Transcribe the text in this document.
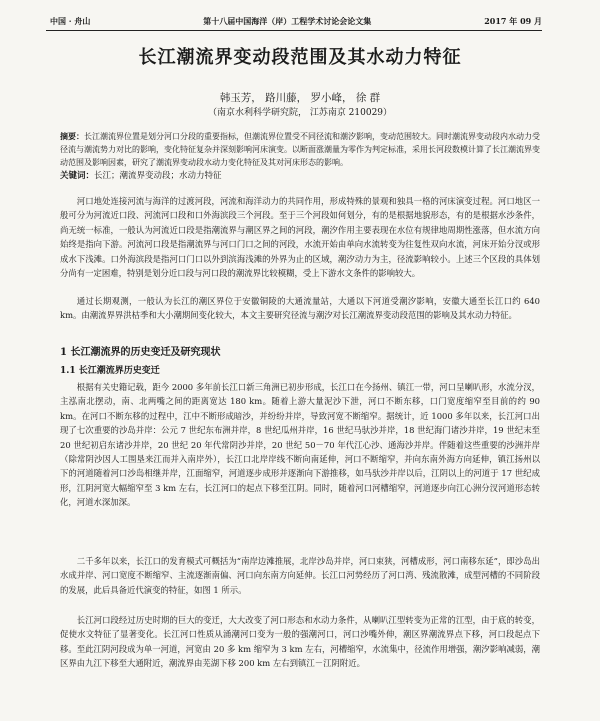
中国 · 舟山	第十八届中国海洋（岸）工程学术讨论会论文集	2017 年 09 月
长江潮流界变动段范围及其水动力特征
韩玉芳， 路川藤， 罗小峰， 徐 群
（南京水利科学研究院， 江苏南京 210029）
摘要：长江潮流界位置是划分河口分段的重要指标，但潮流界位置受不同径流和潮汐影响，变动范围较大。同时潮流界变动段内水动力受径流与潮流势力对比的影响，变化特征复杂并深刻影响河床演变。以断面涨潮量为零作为判定标准，采用长河段数模计算了长江潮流界变动范围及影响因素，研究了潮流界变动段水动力变化特征及其对河床形态的影响。
关键词：长江；潮流界变动段；水动力特征

河口地处连接河流与海洋的过渡河段，河流和海洋动力的共同作用，形成特殊的景观和独具一格的河床演变过程。河口地区一般可分为河流近口段、河流河口段和口外海滨段三个河段。至于三个河段如何划分，有的是根据地貌形态，有的是根据水沙条件，尚无统一标准，一般认为河流近口段是指潮流界与潮区界之间的河段，潮汐作用主要表现在水位有规律地周期性涨落，但水流方向始终是指向下游。河流河口段是指潮流界与河口门口之间的河段，水流开始由单向水流转变为往复性双向水流，河床开始分汊或形成水下浅滩。口外海滨段是指河口门口以外到滨海浅滩的外界为止的区域，潮汐动力为主，径流影响较小。上述三个区段的具体划分尚有一定困难，特别是划分近口段与河口段的潮流界比较模糊，受上下游水文条件的影响较大。

通过长期观测，一般认为长江的潮区界位于安徽铜陵的大通流量站，大通以下河道受潮汐影响，安徽大通至长江口约 640 km。由潮流界界洪枯季和大小潮期间变化较大，本文主要研究径流与潮汐对长江潮流界变动段范围的影响及其水动力特征。

1 长江潮流界的历史变迁及研究现状
1.1 长江潮流界历史变迁

根据有关史籍记载，距今 2000 多年前长江口新三角洲已初步形成，长江口在今扬州、镇江一带，河口呈喇叭形，水流分汊，主泓南北摆动，南、北两嘴之间的距离宽达 180 km。随着上游大量泥沙下泄，河口不断东移，口门宽度缩窄至目前的约 90 km。在河口不断东移的过程中，江中不断形成暗沙，并纷纷并岸，导致河宽不断缩窄。据统计，近 1000 多年以来，长江河口出现了七次重要的沙岛并岸：公元 7 世纪东布洲并岸，8 世纪瓜州并岸，16 世纪马驮沙并岸，18 世纪海门诸沙并岸，19 世纪末至 20 世纪初启东诸沙并岸，20 世纪 20 年代常阴沙并岸，20 世纪 50－70 年代江心沙、通海沙并岸。伴随着这些重要的沙洲并岸（除常阴沙因人工围垦来江而并入南岸外），长江口北岸岸线不断向南延伸，河口不断缩窄，并向东南外海方向延伸，镇江扬州以下的河道随着河口沙岛相继并岸，江面缩窄，河道逐步成形并逐渐向下游推移，如马驮沙并岸以后，江阴以上的河道于 17 世纪成形，江阴河宽大幅缩窄至 3 km 左右，长江河口的起点下移至江阴。同时，随着河口河槽缩窄，河道逐步向江心洲分汊河道形态转化，河道水深加深。

二千多年以来，长江口的发育模式可概括为“南岸边滩推展，北岸沙岛并岸，河口束狭，河槽成形，河口南移东延”，即沙岛出水成并岸、河口宽度不断缩窄、主流逐渐南偏、河口向东南方向延伸。长江口河势经历了河口湾、残流散滩，成型河槽的不同阶段的发展，此后具备近代演变的特征，如图 1 所示。

长江河口段经过历史时期的巨大的变迁，大大改变了河口形态和水动力条件，从喇叭江型转变为正常的江型，由于底的转变，促使水文特征了显著变化。长江河口性质从涌潮河口变为一般的强潮河口，河口沙嘴外伸，潮区界潮流界点下移，河口段起点下移。至此江阴河段成为单一河道，河宽由 20 多 km 缩窄为 3 km 左右，河槽缩窄，水流集中，径流作用增强，潮汐影响减弱，潮区界由九江下移至大通附近，潮流界由芜湖下移 200 km 左右到镇江－江阴附近。
